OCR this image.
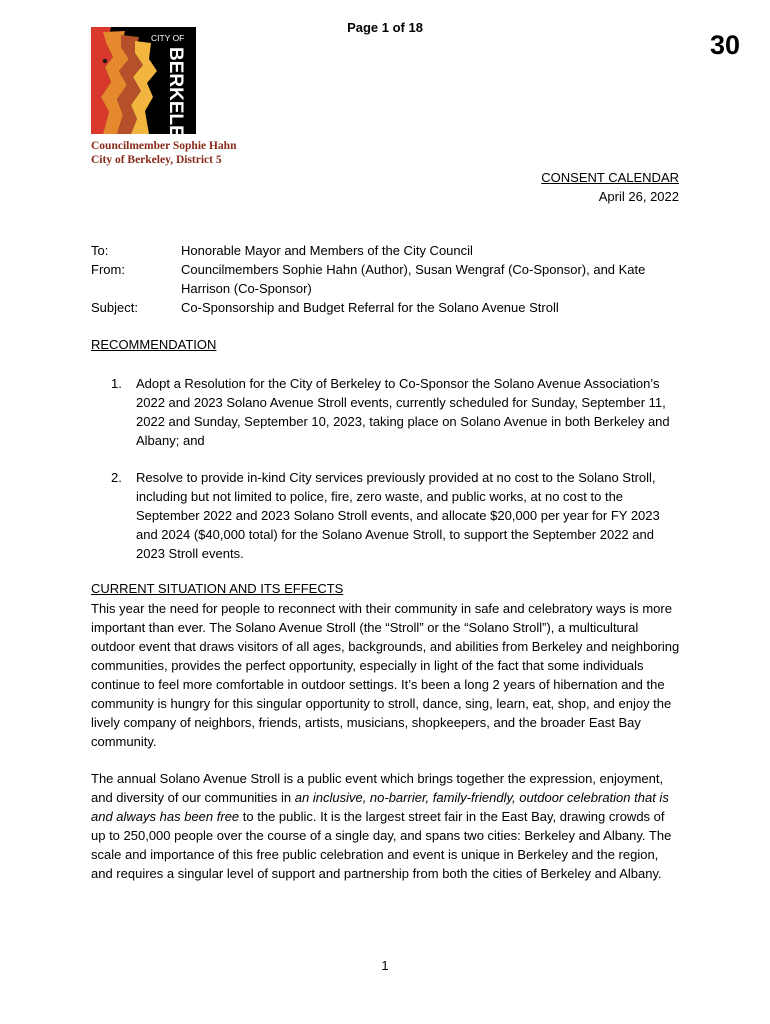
Page 1 of 18
30
CITY OF
BERKELEY
Councilmember Sophie Hahn
City of Berkeley, District 5
CONSENT CALENDAR
April 26, 2022
To:	Honorable Mayor and Members of the City Council
From:	Councilmembers Sophie Hahn (Author), Susan Wengraf (Co-Sponsor), and Kate Harrison (Co-Sponsor)
Subject:	Co-Sponsorship and Budget Referral for the Solano Avenue Stroll
RECOMMENDATION
1. Adopt a Resolution for the City of Berkeley to Co-Sponsor the Solano Avenue Association’s 2022 and 2023 Solano Avenue Stroll events, currently scheduled for Sunday, September 11, 2022 and Sunday, September 10, 2023, taking place on Solano Avenue in both Berkeley and Albany; and
2. Resolve to provide in-kind City services previously provided at no cost to the Solano Stroll, including but not limited to police, fire, zero waste, and public works, at no cost to the September 2022 and 2023 Solano Stroll events, and allocate $20,000 per year for FY 2023 and 2024 ($40,000 total) for the Solano Avenue Stroll, to support the September 2022 and 2023 Stroll events.
CURRENT SITUATION AND ITS EFFECTS
This year the need for people to reconnect with their community in safe and celebratory ways is more important than ever. The Solano Avenue Stroll (the “Stroll” or the “Solano Stroll”), a multicultural outdoor event that draws visitors of all ages, backgrounds, and abilities from Berkeley and neighboring communities, provides the perfect opportunity, especially in light of the fact that some individuals continue to feel more comfortable in outdoor settings. It’s been a long 2 years of hibernation and the community is hungry for this singular opportunity to stroll, dance, sing, learn, eat, shop, and enjoy the lively company of neighbors, friends, artists, musicians, shopkeepers, and the broader East Bay community.
The annual Solano Avenue Stroll is a public event which brings together the expression, enjoyment, and diversity of our communities in an inclusive, no-barrier, family-friendly, outdoor celebration that is and always has been free to the public. It is the largest street fair in the East Bay, drawing crowds of up to 250,000 people over the course of a single day, and spans two cities: Berkeley and Albany. The scale and importance of this free public celebration and event is unique in Berkeley and the region, and requires a singular level of support and partnership from both the cities of Berkeley and Albany.
1
